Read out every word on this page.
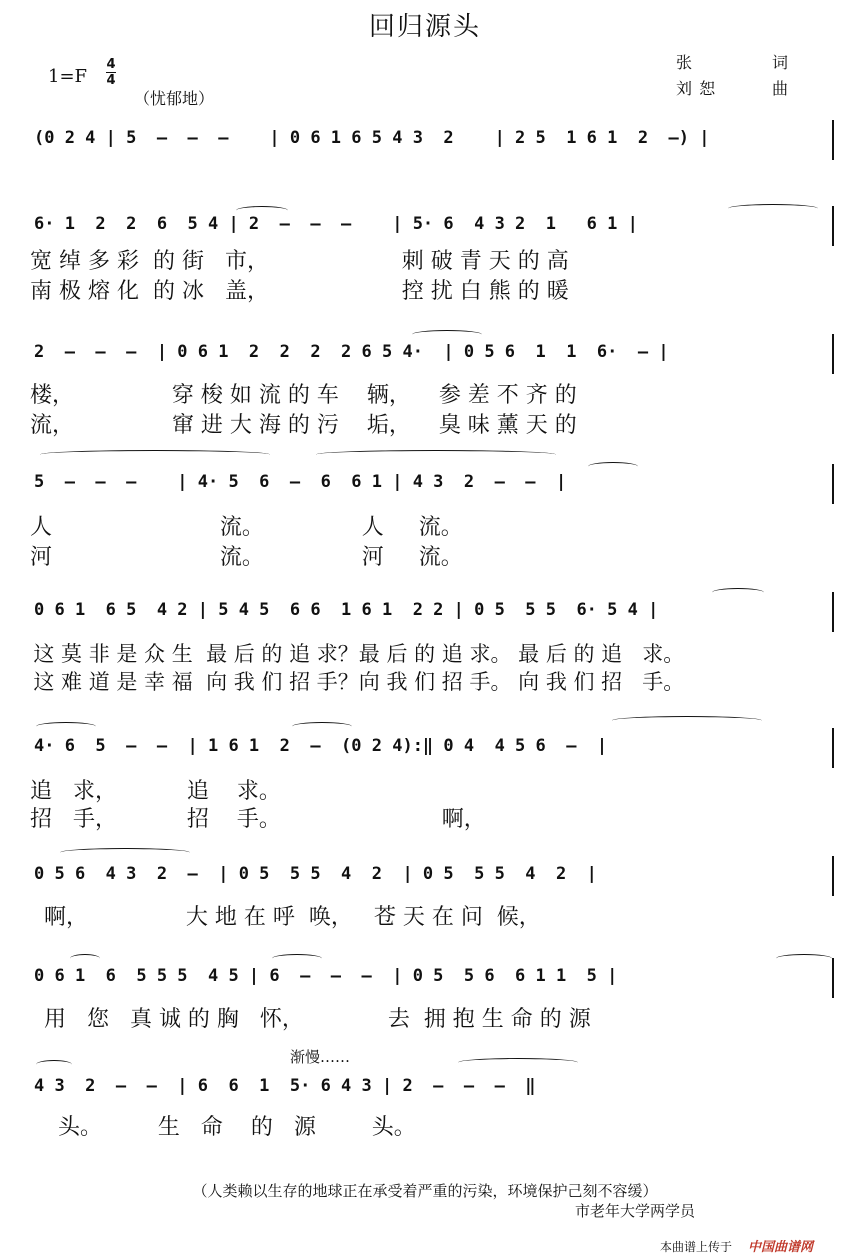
回归源头
1=F
4
4
（忧郁地）
张	词
刘 恕	曲
(0 2 4 | 5  –  –  –    | 0 6 1 6 5 4 3  2    | 2 5  1 6 1  2  –) |
6· 1  2  2  6  5 4 | 2  –  –  –    | 5· 6  4 3 2  1   6 1 |
宽 绰 多 彩  的 街   市，                   刺 破 青 天 的 高
南 极 熔 化  的 冰   盖，                   控 扰 白 熊 的 暖
2  –  –  –  | 0 6 1  2  2  2  2 6 5 4·  | 0 5 6  1  1  6·  – |
楼，              穿 梭 如 流 的 车    辆，    参 差 不 齐 的
流，              窜 进 大 海 的 污    垢，    臭 味 薰 天 的
5  –  –  –    | 4· 5  6  –  6  6 1 | 4 3  2  –  –  |
人                        流。              人     流。
河                        流。              河     流。
0 6 1  6 5  4 2 | 5 4 5  6 6  1 6 1  2 2 | 0 5  5 5  6· 5 4 |
这 莫 非 是 众 生  最 后 的 追 求？最 后 的 追 求。 最 后 的 追   求。
这 难 道 是 幸 福  向 我 们 招 手？向 我 们 招 手。 向 我 们 招   手。
4· 6  5  –  –  | 1 6 1  2  –  (0 2 4):‖ 0 4  4 5 6  –  |
追   求，          追    求。
招   手，          招    手。                       啊，
0 5 6  4 3  2  –  | 0 5  5 5  4  2  | 0 5  5 5  4  2  |
啊，              大 地 在 呼  唤，   苍 天 在 问  候，
0 6 1  6  5 5 5  4 5 | 6  –  –  –  | 0 5  5 6  6 1 1  5 |
用   您   真 诚 的 胸   怀，            去  拥 抱 生 命 的 源
渐慢……
4 3  2  –  –  | 6  6  1  5· 6 4 3 | 2  –  –  –  ‖
头。        生   命    的   源        头。
（人类赖以生存的地球正在承受着严重的污染，环境保护己刻不容缓）
市老年大学两学员
本曲谱上传于 中国曲谱网
